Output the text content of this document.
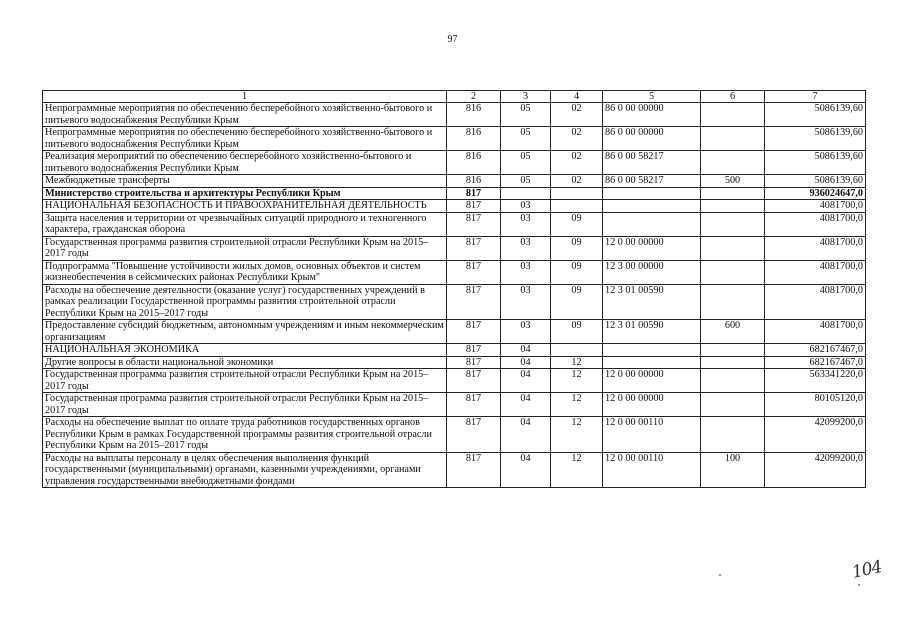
97
1	2	3	4	5	6	7
Непрограммные мероприятия по обеспечению бесперебойного хозяйственно-бытового и питьевого водоснабжения Республики Крым	816	05	02	86 0 00 00000		5086139,60
Непрограммные мероприятия по обеспечению бесперебойного хозяйственно-бытового и питьевого водоснабжения Республики Крым	816	05	02	86 0 00 00000		5086139,60
Реализация мероприятий по обеспечению бесперебойного хозяйственно-бытового и питьевого водоснабжения Республики Крым	816	05	02	86 0 00 58217		5086139,60
Межбюджетные трансферты	816	05	02	86 0 00 58217	500	5086139,60
Министерство строительства и архитектуры Республики Крым	817					936024647,0
НАЦИОНАЛЬНАЯ БЕЗОПАСНОСТЬ И ПРАВООХРАНИТЕЛЬНАЯ ДЕЯТЕЛЬНОСТЬ	817	03				4081700,0
Защита населения и территории от чрезвычайных ситуаций природного и техногенного характера, гражданская оборона	817	03	09			4081700,0
Государственная программа развития строительной отрасли Республики Крым на 2015–2017 годы	817	03	09	12 0 00 00000		4081700,0
Подпрограмма "Повышение устойчивости жилых домов, основных объектов и систем жизнеобеспечения в сейсмических районах Республики Крым"	817	03	09	12 3 00 00000		4081700,0
Расходы на обеспечение деятельности (оказание услуг) государственных учреждений в рамках реализации Государственной программы развития строительной отрасли Республики Крым на 2015–2017 годы	817	03	09	12 3 01 00590		4081700,0
Предоставление субсидий бюджетным, автономным учреждениям и иным некоммерческим организациям	817	03	09	12 3 01 00590	600	4081700,0
НАЦИОНАЛЬНАЯ ЭКОНОМИКА	817	04				682167467,0
Другие вопросы в области национальной экономики	817	04	12			682167467,0
Государственная программа развития строительной отрасли Республики Крым на 2015–2017 годы	817	04	12	12 0 00 00000		563341220,0
Государственная программа развития строительной отрасли Республики Крым на 2015–2017 годы	817	04	12	12 0 00 00000		80105120,0
Расходы на обеспечение выплат по оплате труда работников государственных органов Республики Крым в рамках Государственной программы развития строительной отрасли Республики Крым на 2015–2017 годы	817	04	12	12 0 00 00110		42099200,0
Расходы на выплаты персоналу в целях обеспечения выполнения функций государственными (муниципальными) органами, казенными учреждениями, органами управления государственными внебюджетными фондами	817	04	12	12 0 00 00110	100	42099200,0
104
